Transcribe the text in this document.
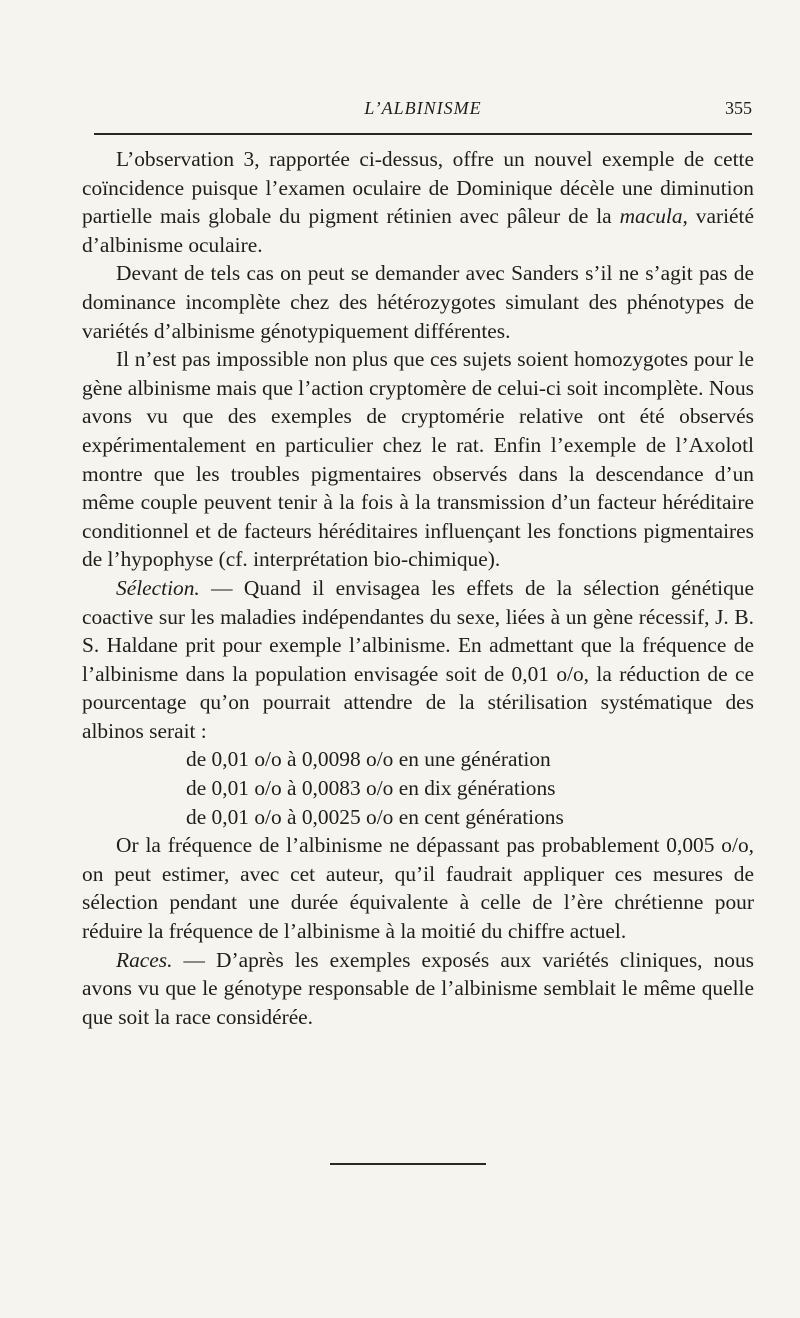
L’ALBINISME	355

L’observation 3, rapportée ci-dessus, offre un nouvel exemple de cette coïncidence puisque l’examen oculaire de Dominique décèle une diminution partielle mais globale du pigment rétinien avec pâleur de la macula, variété d’albinisme oculaire.

Devant de tels cas on peut se demander avec Sanders s’il ne s’agit pas de dominance incomplète chez des hétérozygotes simulant des phénotypes de variétés d’albinisme génotypiquement différentes.

Il n’est pas impossible non plus que ces sujets soient homozygotes pour le gène albinisme mais que l’action cryptomère de celui-ci soit incomplète. Nous avons vu que des exemples de cryptomérie relative ont été observés expérimentalement en particulier chez le rat. Enfin l’exemple de l’Axolotl montre que les troubles pigmentaires observés dans la descendance d’un même couple peuvent tenir à la fois à la transmission d’un facteur héréditaire conditionnel et de facteurs héréditaires influençant les fonctions pigmentaires de l’hypophyse (cf. interprétation bio-chimique).

Sélection. — Quand il envisagea les effets de la sélection génétique coactive sur les maladies indépendantes du sexe, liées à un gène récessif, J. B. S. Haldane prit pour exemple l’albinisme. En admettant que la fréquence de l’albinisme dans la population envisagée soit de 0,01 o/o, la réduction de ce pourcentage qu’on pourrait attendre de la stérilisation systématique des albinos serait :

de 0,01 o/o à 0,0098 o/o en une génération
de 0,01 o/o à 0,0083 o/o en dix générations
de 0,01 o/o à 0,0025 o/o en cent générations

Or la fréquence de l’albinisme ne dépassant pas probablement 0,005 o/o, on peut estimer, avec cet auteur, qu’il faudrait appliquer ces mesures de sélection pendant une durée équivalente à celle de l’ère chrétienne pour réduire la fréquence de l’albinisme à la moitié du chiffre actuel.

Races. — D’après les exemples exposés aux variétés cliniques, nous avons vu que le génotype responsable de l’albinisme semblait le même quelle que soit la race considérée.
